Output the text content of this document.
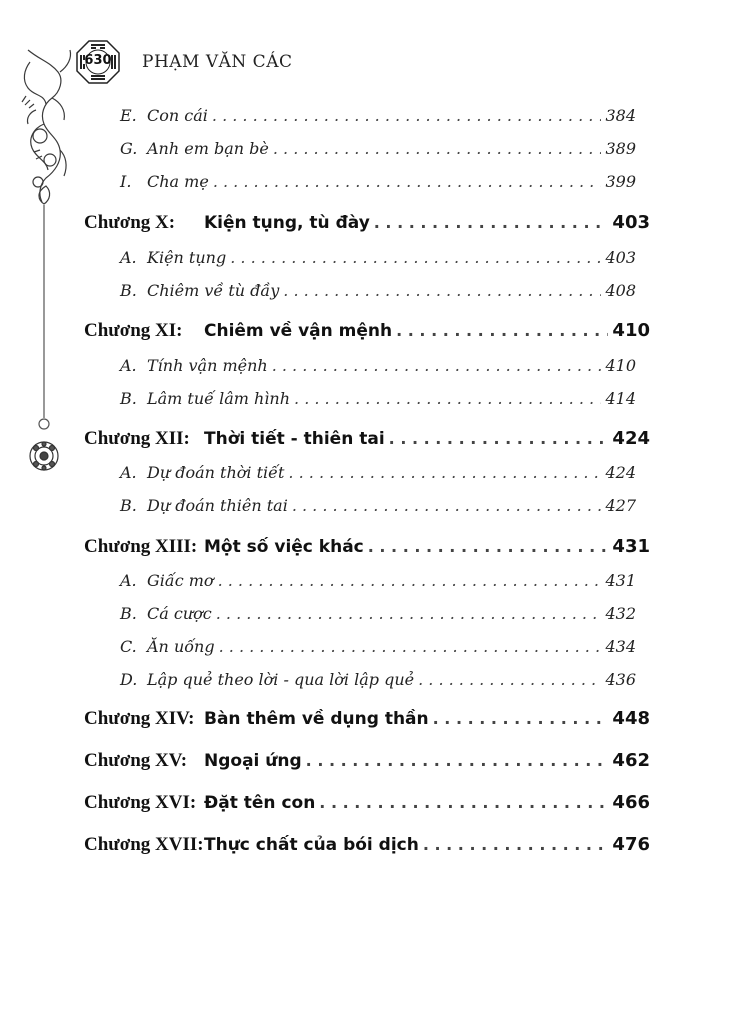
630	PHẠM VĂN CÁC
E. Con cái . . .	384
G. Anh em bạn bè . . .	389
I. Cha mẹ . . .	399
Chương X:	Kiện tụng, tù đày . . .	403
A. Kiện tụng . . .	403
B. Chiêm về tù đầy . . .	408
Chương XI:	Chiêm về vận mệnh . . .	410
A. Tính vận mệnh . . .	410
B. Lâm tuế lâm hình . . .	414
Chương XII: Thời tiết - thiên tai . . .	424
A. Dự đoán thời tiết . . .	424
B. Dự đoán thiên tai . . .	427
Chương XIII: Một số việc khác . . .	431
A. Giấc mơ . . .	431
B. Cá cược . . .	432
C. Ăn uống . . .	434
D. Lập quẻ theo lời - qua lời lập quẻ . . .	436
Chương XIV: Bàn thêm về dụng thần . . .	448
Chương XV: Ngoại ứng . . .	462
Chương XVI: Đặt tên con . . .	466
Chương XVII: Thực chất của bói dịch . . .	476
